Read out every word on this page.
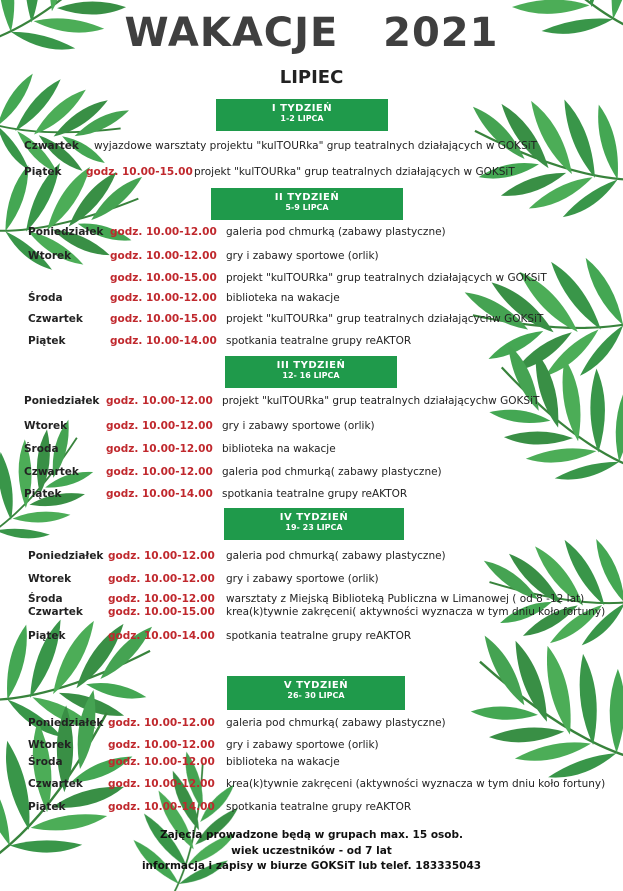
WAKACJE   2021
LIPIEC
I TYDZIEŃ
1-2 LIPCA
Czwartek wyjazdowe warsztaty projektu "kulTOURka" grup teatralnych działających w GOKSiT
Piątek godz. 10.00-15.00 projekt "kulTOURka" grup teatralnych działających w GOKSiT
II TYDZIEŃ
5-9 LIPCA
Poniedziałek godz. 10.00-12.00 galeria pod chmurką (zabawy plastyczne)
Wtorek	godz. 10.00-12.00 gry i zabawy sportowe (orlik)
godz. 10.00-15.00 projekt "kulTOURka" grup teatralnych działających w GOKSiT
Środa	godz. 10.00-12.00 biblioteka na wakacje
Czwartek	godz. 10.00-15.00 projekt "kulTOURka" grup teatralnych działającychw GOKSiT
Piątek	godz. 10.00-14.00 spotkania teatralne grupy reAKTOR
III TYDZIEŃ
12- 16 LIPCA
Poniedziałek godz. 10.00-12.00 projekt "kulTOURka" grup teatralnych działającychw GOKSiT
Wtorek	godz. 10.00-12.00 gry i zabawy sportowe (orlik)
Środa	godz. 10.00-12.00 biblioteka na wakacje
Czwartek	godz. 10.00-12.00 galeria pod chmurką( zabawy plastyczne)
Piątek	godz. 10.00-14.00 spotkania teatralne grupy reAKTOR
IV TYDZIEŃ
19- 23 LIPCA
Poniedziałek godz. 10.00-12.00 galeria pod chmurką( zabawy plastyczne)
Wtorek	godz. 10.00-12.00 gry i zabawy sportowe (orlik)
Środa	godz. 10.00-12.00 warsztaty z Miejską Biblioteką Publiczna w Limanowej ( od 8 -12 lat)
Czwartek godz. 10.00-15.00 krea(k)tywnie zakręceni( aktywności wyznacza w tym dniu koło fortuny)
Piątek	godz. 10.00-14.00 spotkania teatralne grupy reAKTOR
V TYDZIEŃ
26- 30 LIPCA
Poniedziałek godz. 10.00-12.00 galeria pod chmurką( zabawy plastyczne)
Wtorek	godz. 10.00-12.00 gry i zabawy sportowe (orlik)
Środa	godz. 10.00-12.00 biblioteka na wakacje
Czwartek godz. 10.00-12.00 krea(k)tywnie zakręceni (aktywności wyznacza w tym dniu koło fortuny)
Piątek	godz. 10.00-14.00 spotkania teatralne grupy reAKTOR
Zajęcia prowadzone będą w grupach max. 15 osob.
wiek uczestników - od 7 lat
informacja i zapisy w biurze GOKSiT lub telef. 183335043
